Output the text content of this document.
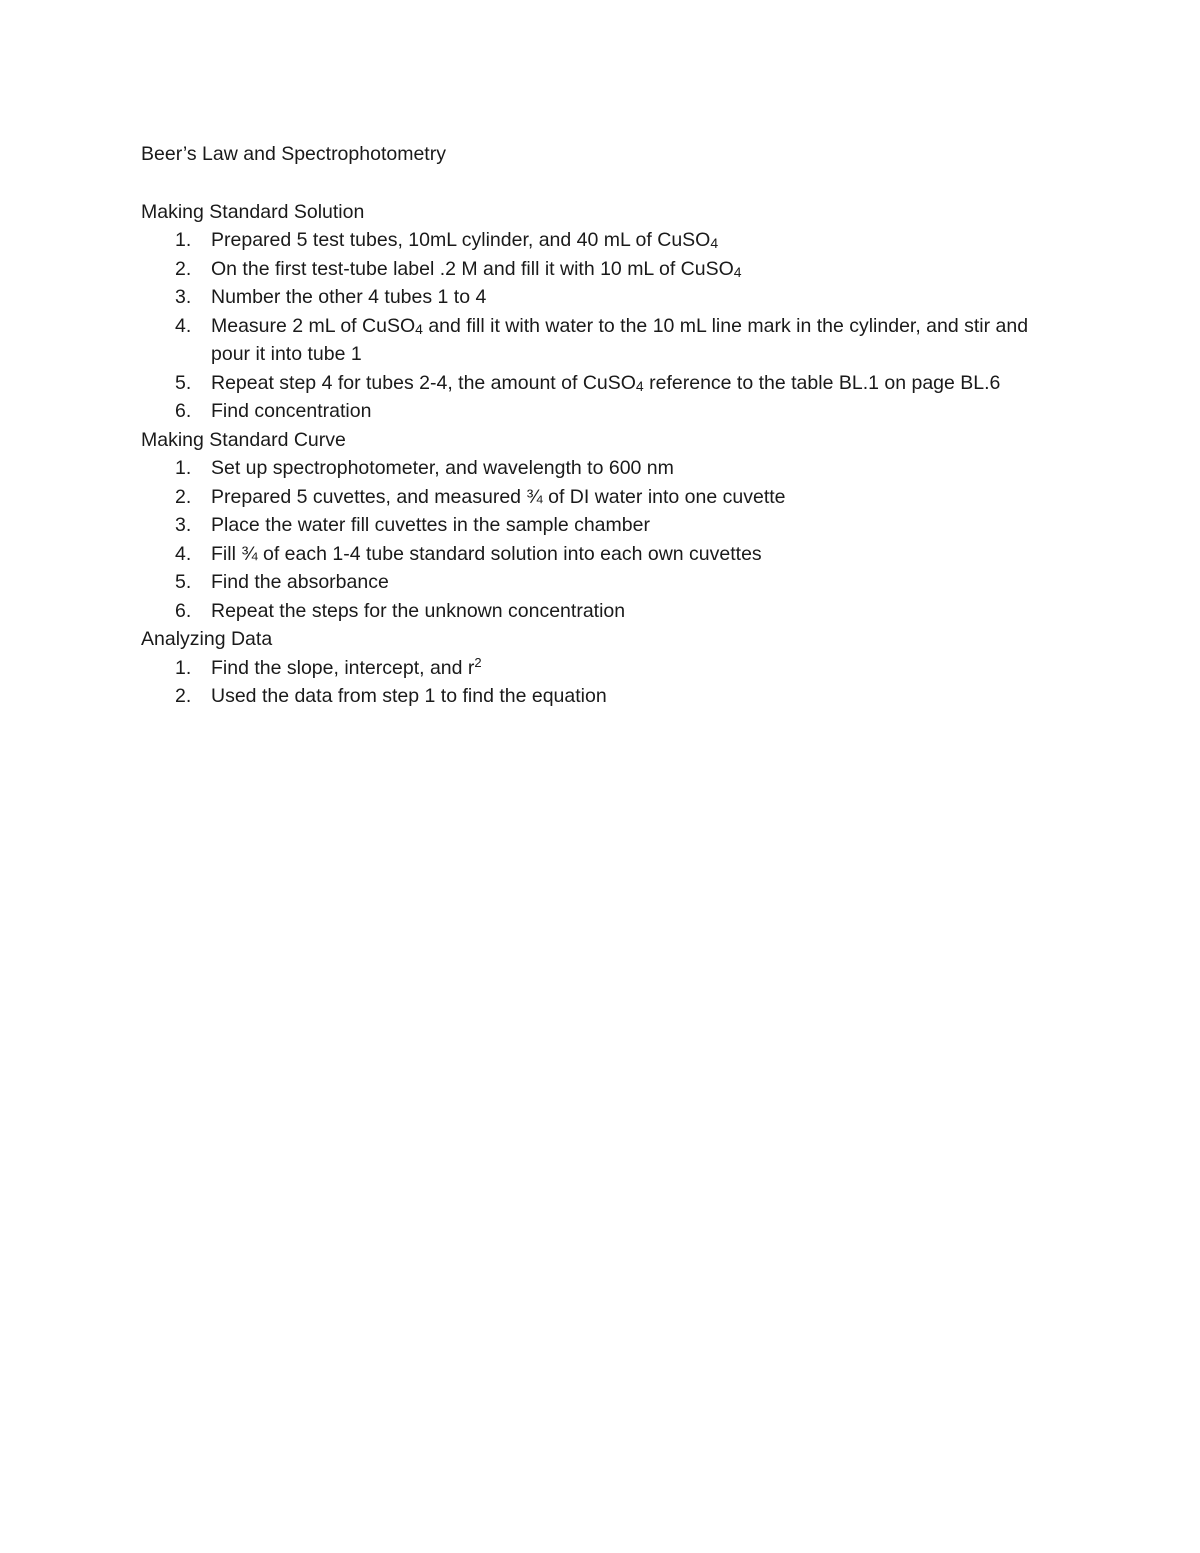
Beer’s Law and Spectrophotometry
Making Standard Solution
1.	Prepared 5 test tubes, 10mL cylinder, and 40 mL of CuSO$_4$
2.	On the first test-tube label .2 M and fill it with 10 mL of CuSO$_4$
3.	Number the other 4 tubes 1 to 4
4.	Measure 2 mL of CuSO$_4$ and fill it with water to the 10 mL line mark in the cylinder, and stir and pour it into tube 1
5.	Repeat step 4 for tubes 2-4, the amount of CuSO$_4$ reference to the table BL.1 on page BL.6
6.	Find concentration
Making Standard Curve
1.	Set up spectrophotometer, and wavelength to 600 nm
2.	Prepared 5 cuvettes, and measured ¾ of DI water into one cuvette
3.	Place the water fill cuvettes in the sample chamber
4.	Fill ¾ of each 1-4 tube standard solution into each own cuvettes
5.	Find the absorbance
6.	Repeat the steps for the unknown concentration
Analyzing Data
1.	Find the slope, intercept, and $r^2$
2.	Used the data from step 1 to find the equation
